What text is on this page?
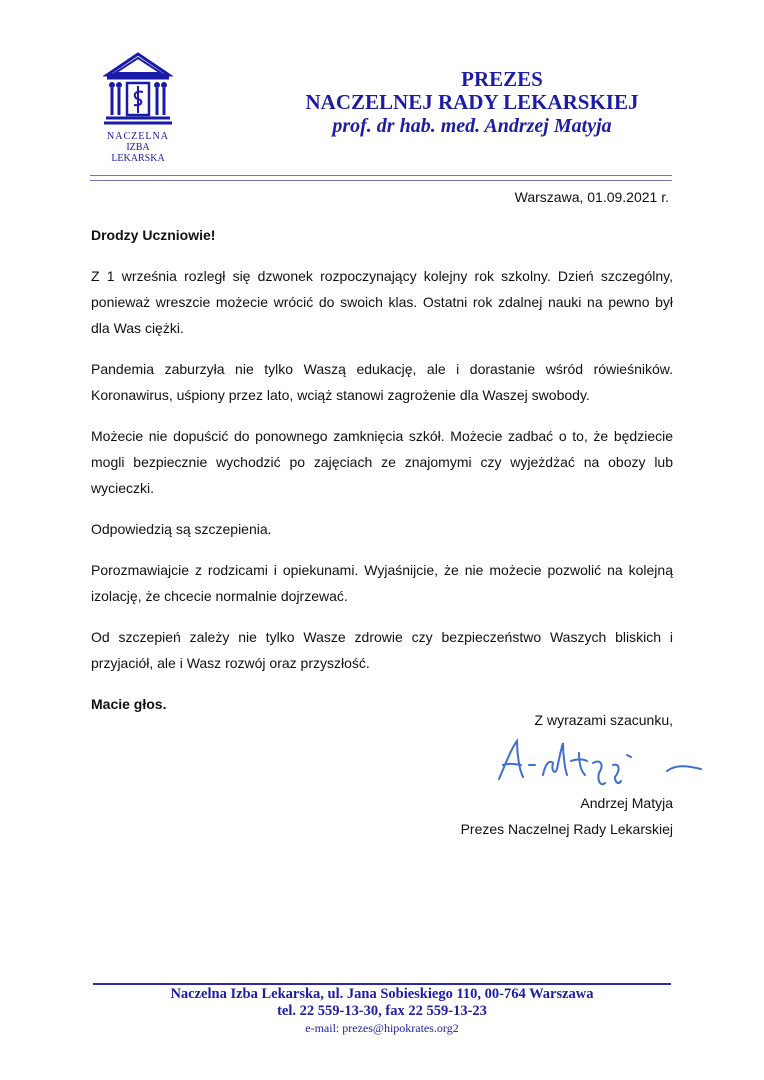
NACZELNA
IZBA LEKARSKA
PREZES
NACZELNEJ RADY LEKARSKIEJ
prof. dr hab. med. Andrzej Matyja
Warszawa, 01.09.2021 r.

Drodzy Uczniowie!

Z 1 września rozległ się dzwonek rozpoczynający kolejny rok szkolny. Dzień szczególny, ponieważ wreszcie możecie wrócić do swoich klas. Ostatni rok zdalnej nauki na pewno był dla Was ciężki.

Pandemia zaburzyła nie tylko Waszą edukację, ale i dorastanie wśród rówieśników. Koronawirus, uśpiony przez lato, wciąż stanowi zagrożenie dla Waszej swobody.

Możecie nie dopuścić do ponownego zamknięcia szkół. Możecie zadbać o to, że będziecie mogli bezpiecznie wychodzić po zajęciach ze znajomymi czy wyjeżdżać na obozy lub wycieczki.

Odpowiedzią są szczepienia.

Porozmawiajcie z rodzicami i opiekunami. Wyjaśnijcie, że nie możecie pozwolić na kolejną izolację, że chcecie normalnie dojrzewać.

Od szczepień zależy nie tylko Wasze zdrowie czy bezpieczeństwo Waszych bliskich i przyjaciół, ale i Wasz rozwój oraz przyszłość.

Macie głos.

Z wyrazami szacunku,
Andrzej Matyja
Prezes Naczelnej Rady Lekarskiej
Naczelna Izba Lekarska, ul. Jana Sobieskiego 110, 00-764 Warszawa
tel. 22 559-13-30, fax 22 559-13-23
e-mail: prezes@hipokrates.org2
